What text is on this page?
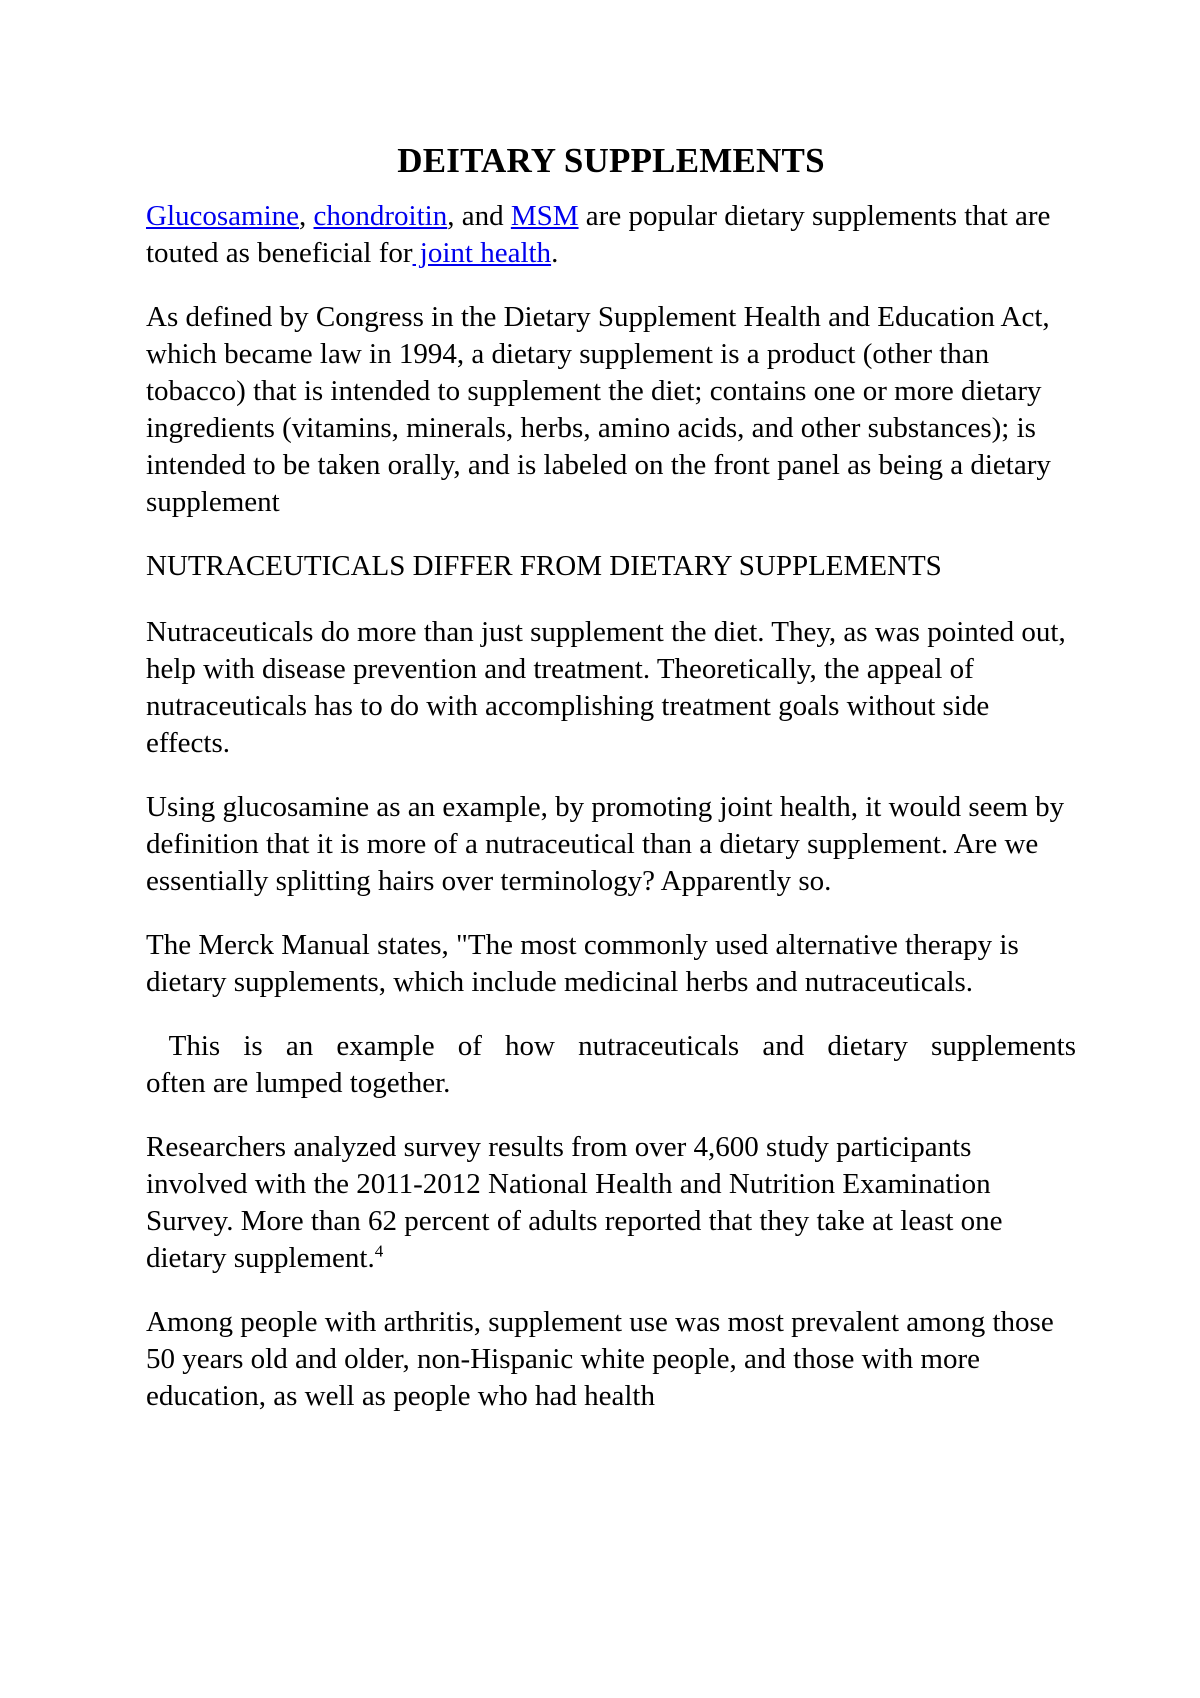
DEITARY SUPPLEMENTS

Glucosamine, chondroitin, and MSM are popular dietary supplements that are touted as beneficial for joint health.

As defined by Congress in the Dietary Supplement Health and Education Act, which became law in 1994, a dietary supplement is a product (other than tobacco) that is intended to supplement the diet; contains one or more dietary ingredients (vitamins, minerals, herbs, amino acids, and other substances); is intended to be taken orally, and is labeled on the front panel as being a dietary supplement

NUTRACEUTICALS DIFFER FROM DIETARY SUPPLEMENTS

Nutraceuticals do more than just supplement the diet. They, as was pointed out, help with disease prevention and treatment. Theoretically, the appeal of nutraceuticals has to do with accomplishing treatment goals without side effects.

Using glucosamine as an example, by promoting joint health, it would seem by definition that it is more of a nutraceutical than a dietary supplement. Are we essentially splitting hairs over terminology? Apparently so.

The Merck Manual states, "The most commonly used alternative therapy is dietary supplements, which include medicinal herbs and nutraceuticals.

This is an example of how nutraceuticals and dietary supplements
often are lumped together.

Researchers analyzed survey results from over 4,600 study participants involved with the 2011-2012 National Health and Nutrition Examination Survey. More than 62 percent of adults reported that they take at least one dietary supplement.$^4$

Among people with arthritis, supplement use was most prevalent among those 50 years old and older, non-Hispanic white people, and those with more education, as well as people who had health
